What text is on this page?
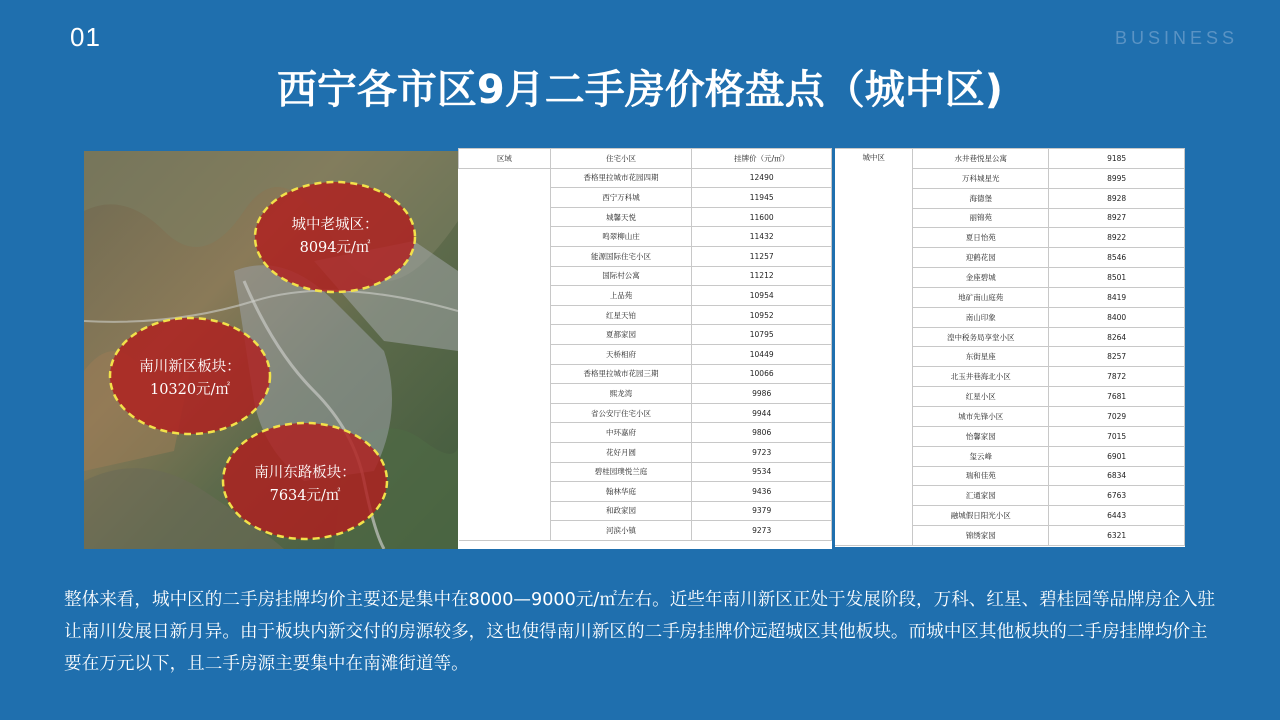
01	BUSINESS
西宁各市区9月二手房价格盘点（城中区)
城中老城区：
8094元/㎡
南川新区板块：
10320元/㎡
南川东路板块：
7634元/㎡
区域	住宅小区	挂牌价（元/㎡）
	香格里拉城市花园四期	12490
	西宁万科城	11945
	城馨天悦	11600
	鸣翠柳山庄	11432
	能源国际住宅小区	11257
	国际村公寓	11212
	上品苑	10954
	红星天铂	10952
	夏都家园	10795
	天桥相府	10449
	香格里拉城市花园三期	10066
	熙龙湾	9986
	省公安厅住宅小区	9944
	中环嘉府	9806
	花好月圆	9723
	碧桂园璞悦兰庭	9534
	翰林华庭	9436
	和政家园	9379
	河滨小镇	9273
城中区	水井巷悦星公寓	9185
	万科城星光	8995
	海德堡	8928
	丽锦苑	8927
	夏日怡苑	8922
	迎鹤花园	8546
	金座碧城	8501
	地矿南山庭苑	8419
	南山印象	8400
	湟中税务局享堂小区	8264
	东街星座	8257
	北玉井巷海北小区	7872
	红星小区	7681
	城市先锋小区	7029
	怡馨家园	7015
	玺云峰	6901
	瑞和佳苑	6834
	汇通家园	6763
	融城假日阳光小区	6443
	锦绣家园	6321
整体来看，城中区的二手房挂牌均价主要还是集中在8000—9000元/㎡左右。近些年南川新区正处于发展阶段，万科、红星、碧桂园等品牌房企入驻让南川发展日新月异。由于板块内新交付的房源较多，这也使得南川新区的二手房挂牌价远超城区其他板块。而城中区其他板块的二手房挂牌均价主要在万元以下，且二手房源主要集中在南滩街道等。
